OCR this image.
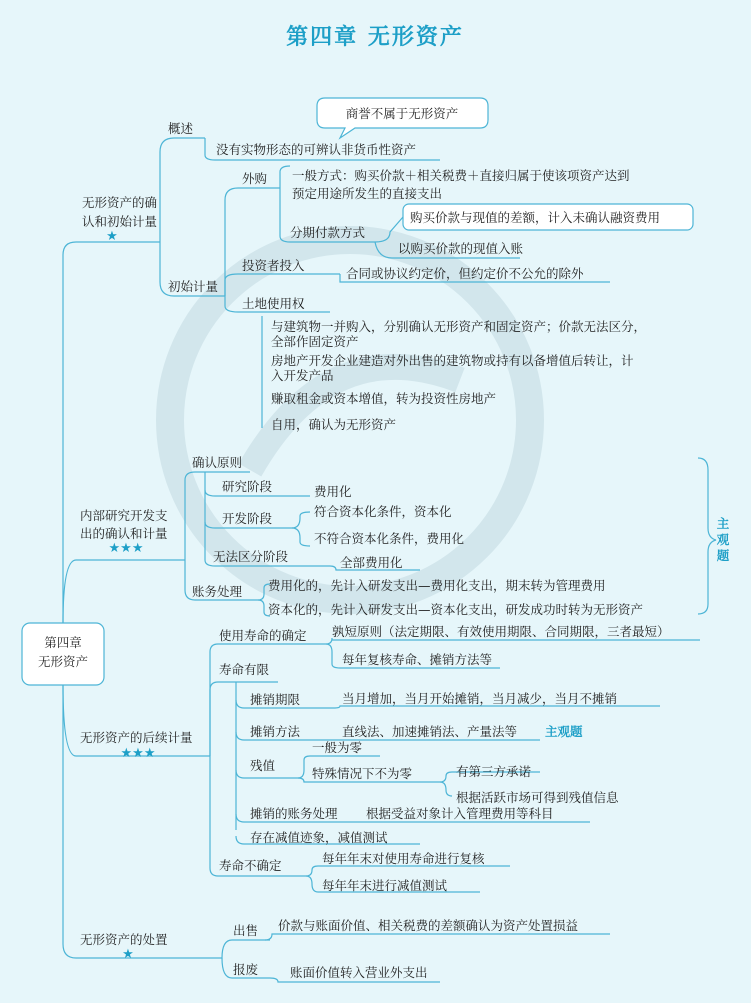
第四章 无形资产
第四章
无形资产
无形资产的确
认和初始计量
★
概述
没有实物形态的可辨认非货币性资产
商誉不属于无形资产
初始计量
外购 一般方式：购买价款＋相关税费＋直接归属于使该项资产达到
预定用途所发生的直接支出
分期付款方式
购买价款与现值的差额，计入未确认融资费用
以购买价款的现值入账
投资者投入
合同或协议约定价，但约定价不公允的除外
土地使用权
与建筑物一并购入，分别确认无形资产和固定资产；价款无法区分，
全部作固定资产
房地产开发企业建造对外出售的建筑物或持有以备增值后转让，计
入开发产品
赚取租金或资本增值，转为投资性房地产
自用，确认为无形资产
内部研究开发支
出的确认和计量
★★★
确认原则
研究阶段	费用化
开发阶段	符合资本化条件，资本化
不符合资本化条件，费用化
无法区分阶段	全部费用化
账务处理 费用化的，先计入研发支出—费用化支出，期末转为管理费用
资本化的，先计入研发支出—资本化支出，研发成功时转为无形资产
主
观
题
无形资产的后续计量
★★★
使用寿命的确定 孰短原则（法定期限、有效使用期限、合同期限，三者最短）
每年复核寿命、摊销方法等
寿命有限
摊销期限	当月增加，当月开始摊销，当月减少，当月不摊销
摊销方法	直线法、加速摊销法、产量法等 主观题
残值
一般为零
特殊情况下不为零	有第三方承诺
根据活跃市场可得到残值信息
摊销的账务处理 根据受益对象计入管理费用等科目
存在减值迹象，减值测试
寿命不确定	每年年末对使用寿命进行复核
每年年末进行减值测试
无形资产的处置
★
出售 价款与账面价值、相关税费的差额确认为资产处置损益
报废	账面价值转入营业外支出
